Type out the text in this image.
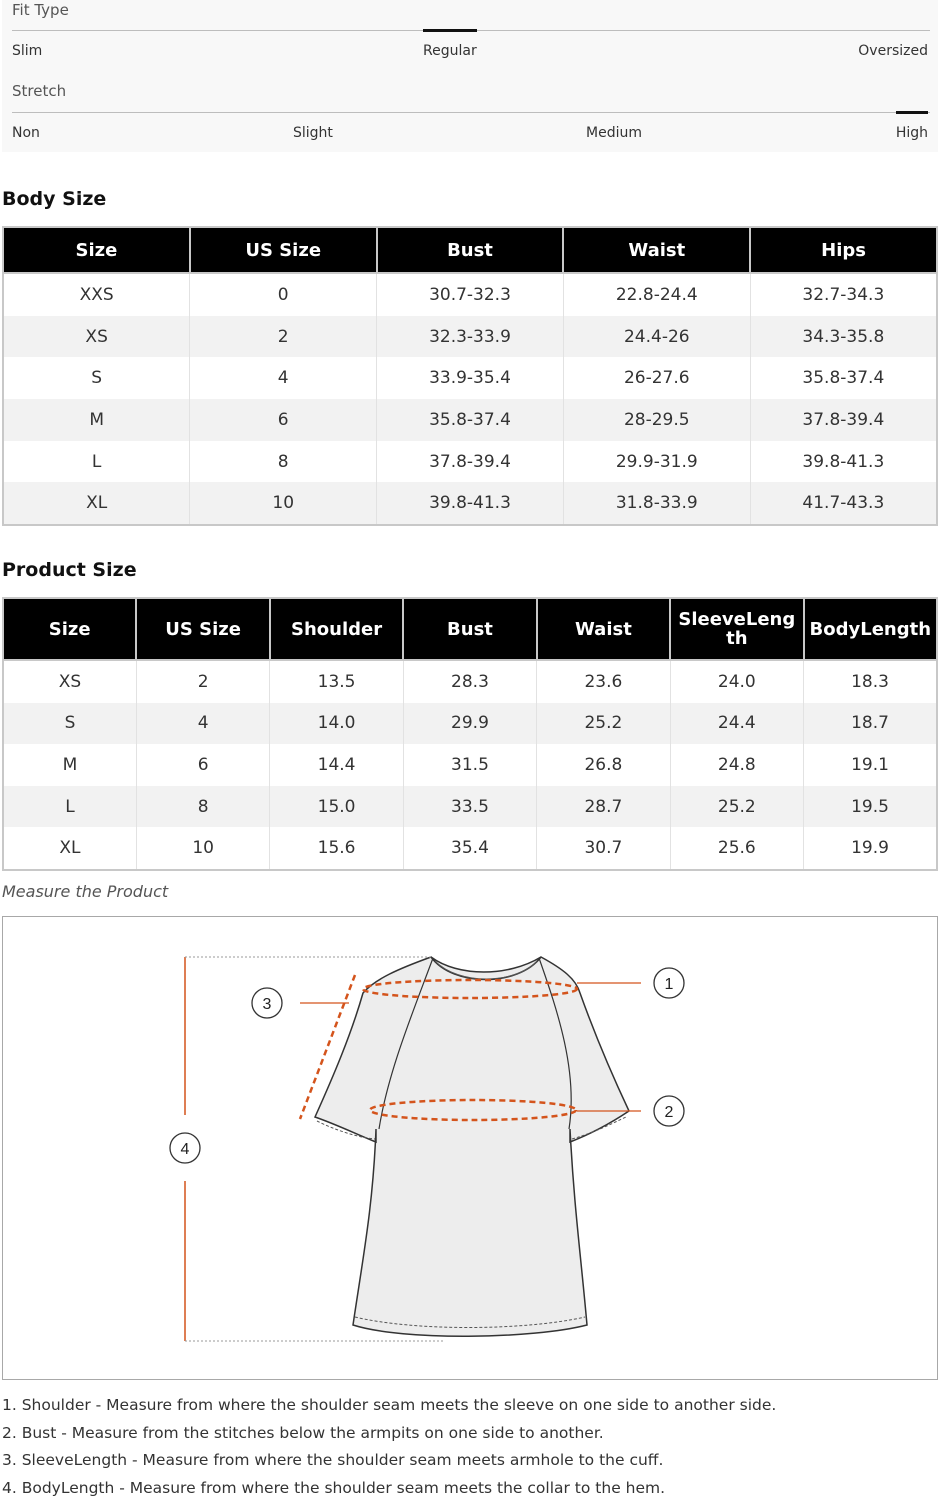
Fit Type
Slim	Regular	Oversized
Stretch
Non	Slight	Medium	High
Body Size
Size	US Size	Bust	Waist	Hips
XXS	0	30.7-32.3	22.8-24.4	32.7-34.3
XS	2	32.3-33.9	24.4-26	34.3-35.8
S	4	33.9-35.4	26-27.6	35.8-37.4
M	6	35.8-37.4	28-29.5	37.8-39.4
L	8	37.8-39.4	29.9-31.9	39.8-41.3
XL	10	39.8-41.3	31.8-33.9	41.7-43.3
Product Size
Size	US Size	Shoulder	Bust	Waist	SleeveLength	BodyLength
XS	2	13.5	28.3	23.6	24.0	18.3
S	4	14.0	29.9	25.2	24.4	18.7
M	6	14.4	31.5	26.8	24.8	19.1
L	8	15.0	33.5	28.7	25.2	19.5
XL	10	15.6	35.4	30.7	25.6	19.9
Measure the Product
1
2
3
4
1. Shoulder - Measure from where the shoulder seam meets the sleeve on one side to another side.
2. Bust - Measure from the stitches below the armpits on one side to another.
3. SleeveLength - Measure from where the shoulder seam meets armhole to the cuff.
4. BodyLength - Measure from where the shoulder seam meets the collar to the hem.
